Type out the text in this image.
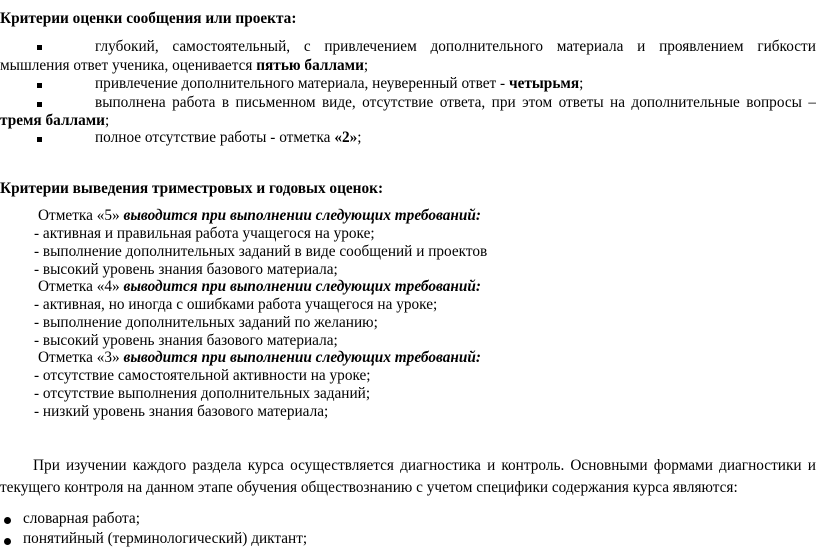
Критерии оценки сообщения или проекта:
глубокий, самостоятельный, с привлечением дополнительного материала и проявлением гибкости
мышления ответ ученика, оценивается пятью баллами;
привлечение дополнительного материала, неуверенный ответ - четырьмя;
выполнена работа в письменном виде, отсутствие ответа, при этом ответы на дополнительные вопросы –
тремя баллами;
полное отсутствие работы - отметка «2»;
Критерии выведения триместровых и годовых оценок:
Отметка «5» выводится при выполнении следующих требований:
- активная и правильная работа учащегося на уроке;
- выполнение дополнительных заданий в виде сообщений и проектов
- высокий уровень знания базового материала;
Отметка «4» выводится при выполнении следующих требований:
- активная, но иногда с ошибками работа учащегося на уроке;
- выполнение дополнительных заданий по желанию;
- высокий уровень знания базового материала;
Отметка «3» выводится при выполнении следующих требований:
- отсутствие самостоятельной активности на уроке;
- отсутствие выполнения дополнительных заданий;
- низкий уровень знания базового материала;
При изучении каждого раздела курса осуществляется диагностика и контроль. Основными формами диагностики и
текущего контроля на данном этапе обучения обществознанию с учетом специфики содержания курса являются:
словарная работа;
понятийный (терминологический) диктант;
